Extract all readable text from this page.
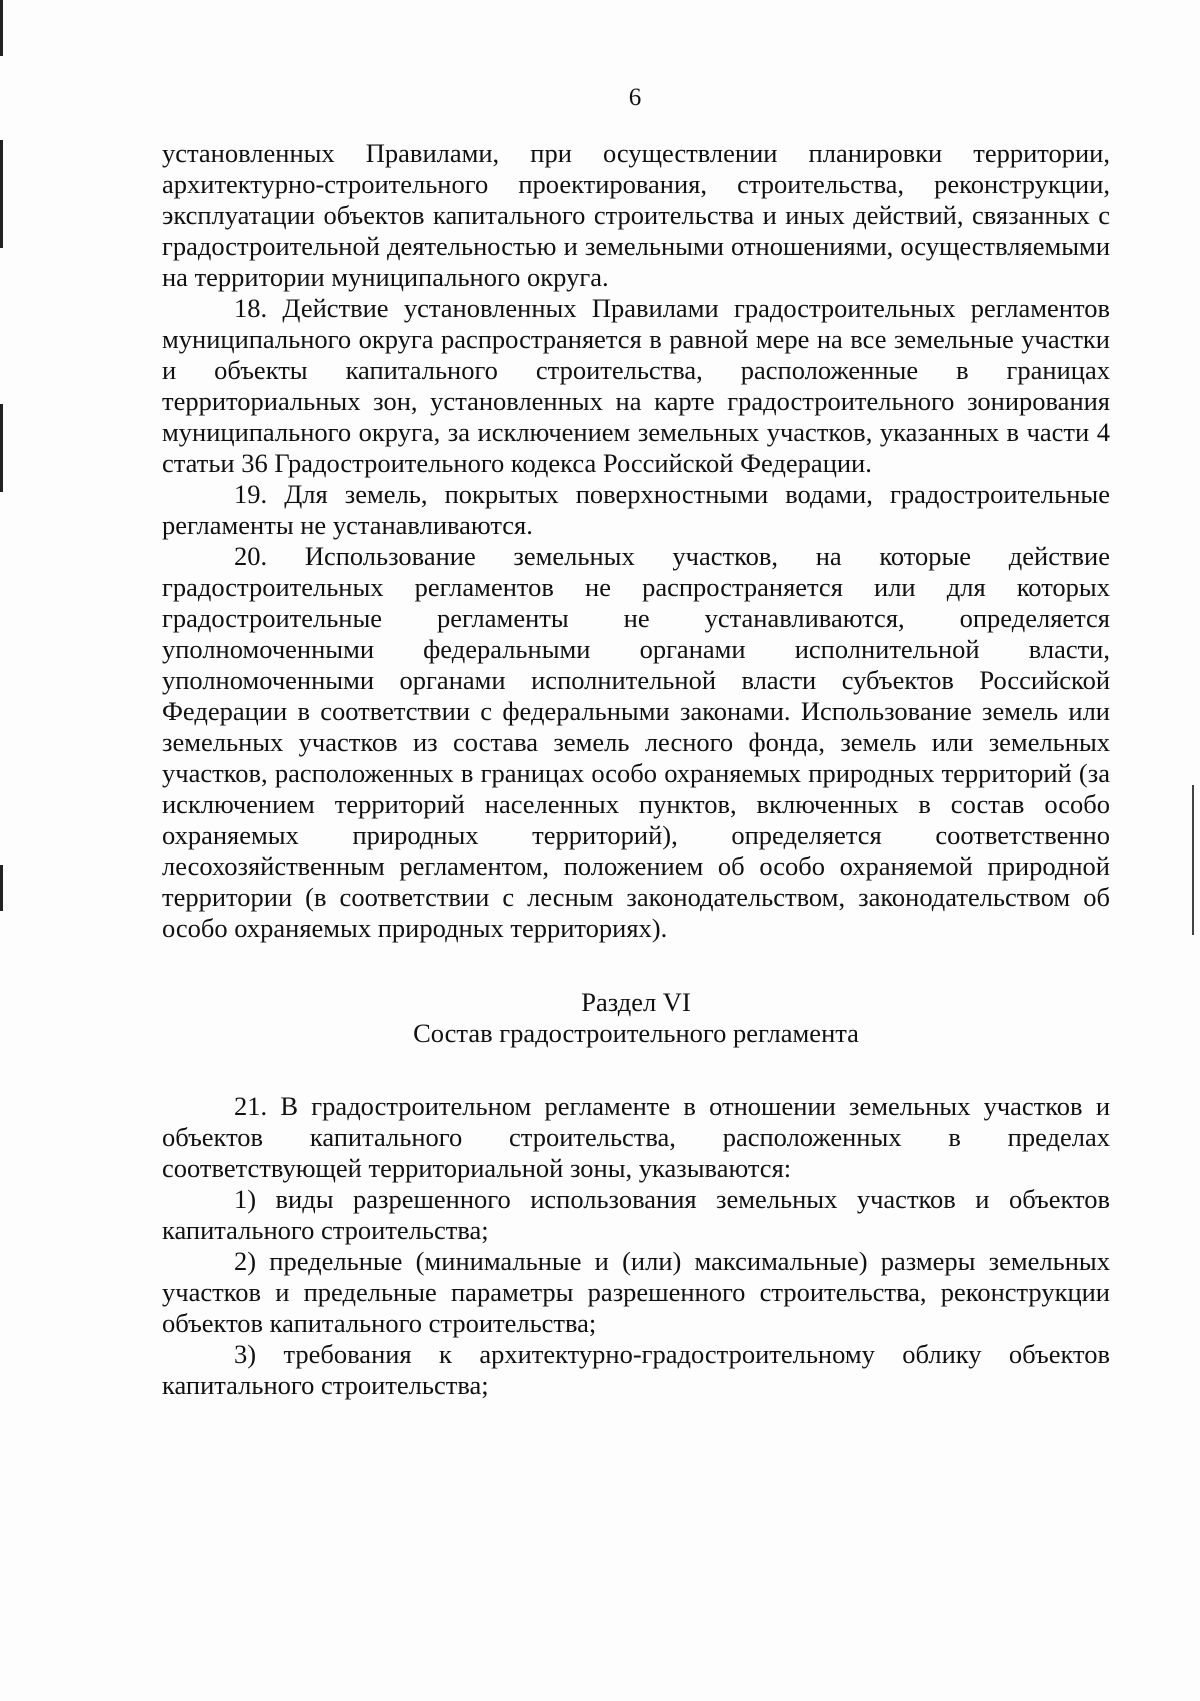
6

установленных Правилами, при осуществлении планировки территории, архитектурно-строительного проектирования, строительства, реконструкции, эксплуатации объектов капитального строительства и иных действий, связанных с градостроительной деятельностью и земельными отношениями, осуществляемыми на территории муниципального округа.

18. Действие установленных Правилами градостроительных регламентов муниципального округа распространяется в равной мере на все земельные участки и объекты капитального строительства, расположенные в границах территориальных зон, установленных на карте градостроительного зонирования муниципального округа, за исключением земельных участков, указанных в части 4 статьи 36 Градостроительного кодекса Российской Федерации.

19. Для земель, покрытых поверхностными водами, градостроительные регламенты не устанавливаются.

20. Использование земельных участков, на которые действие градостроительных регламентов не распространяется или для которых градостроительные регламенты не устанавливаются, определяется уполномоченными федеральными органами исполнительной власти, уполномоченными органами исполнительной власти субъектов Российской Федерации в соответствии с федеральными законами. Использование земель или земельных участков из состава земель лесного фонда, земель или земельных участков, расположенных в границах особо охраняемых природных территорий (за исключением территорий населенных пунктов, включенных в состав особо охраняемых природных территорий), определяется соответственно лесохозяйственным регламентом, положением об особо охраняемой природной территории (в соответствии с лесным законодательством, законодательством об особо охраняемых природных территориях).

Раздел VI

Состав градостроительного регламента

21. В градостроительном регламенте в отношении земельных участков и объектов капитального строительства, расположенных в пределах соответствующей территориальной зоны, указываются:

1) виды разрешенного использования земельных участков и объектов капитального строительства;

2) предельные (минимальные и (или) максимальные) размеры земельных участков и предельные параметры разрешенного строительства, реконструкции объектов капитального строительства;

3) требования к архитектурно-градостроительному облику объектов капитального строительства;
